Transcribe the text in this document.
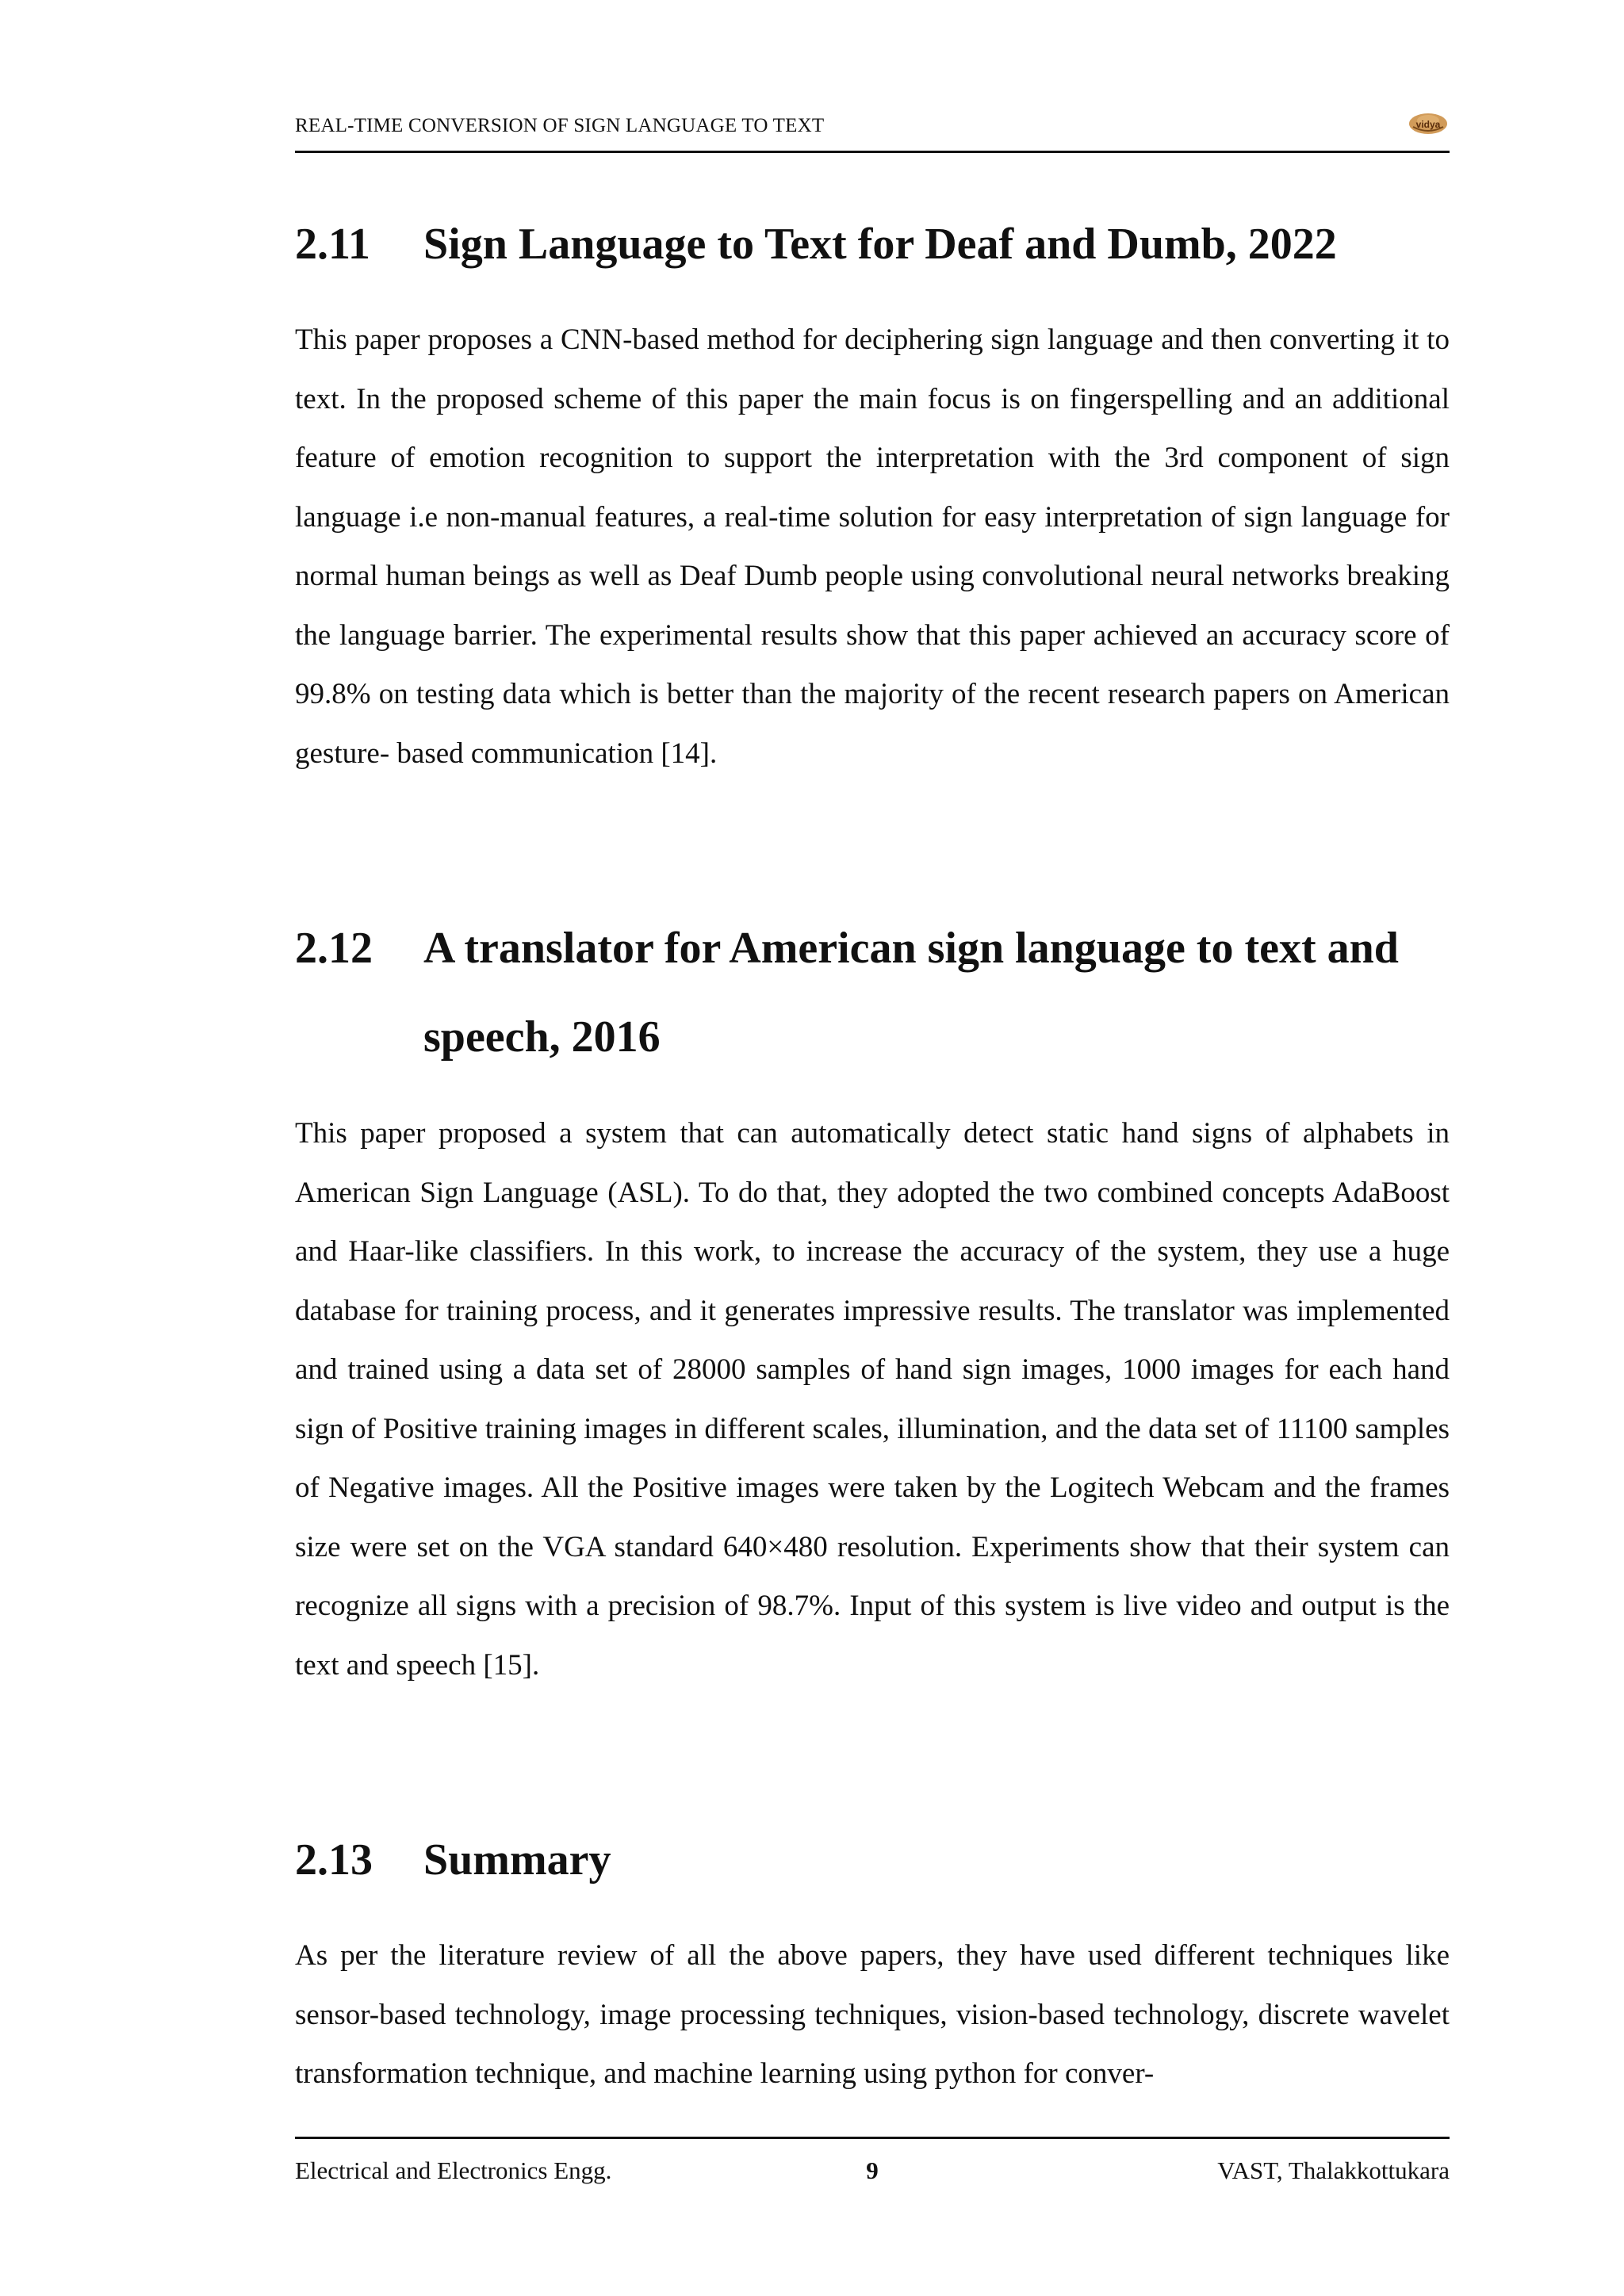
REAL-TIME CONVERSION OF SIGN LANGUAGE TO TEXT	vidya
2.11	Sign Language to Text for Deaf and Dumb, 2022

This paper proposes a CNN-based method for deciphering sign language and then converting it to text. In the proposed scheme of this paper the main focus is on fingerspelling and an additional feature of emotion recognition to support the interpretation with the 3rd component of sign language i.e non-manual features, a real-time solution for easy interpretation of sign language for normal human beings as well as Deaf Dumb people using convolutional neural networks breaking the language barrier. The experimental results show that this paper achieved an accuracy score of 99.8% on testing data which is better than the majority of the recent research papers on American gesture- based communication [14].

2.12	A translator for American sign language to text and speech, 2016

This paper proposed a system that can automatically detect static hand signs of alphabets in American Sign Language (ASL). To do that, they adopted the two combined concepts AdaBoost and Haar-like classifiers. In this work, to increase the accuracy of the system, they use a huge database for training process, and it generates impressive results. The translator was implemented and trained using a data set of 28000 samples of hand sign images, 1000 images for each hand sign of Positive training images in different scales, illumination, and the data set of 11100 samples of Negative images. All the Positive images were taken by the Logitech Webcam and the frames size were set on the VGA standard 640×480 resolution. Experiments show that their system can recognize all signs with a precision of 98.7%. Input of this system is live video and output is the text and speech [15].

2.13	Summary

As per the literature review of all the above papers, they have used different techniques like sensor-based technology, image processing techniques, vision-based technology, discrete wavelet transformation technique, and machine learning using python for conver-

Electrical and Electronics Engg.	9	VAST, Thalakkottukara
